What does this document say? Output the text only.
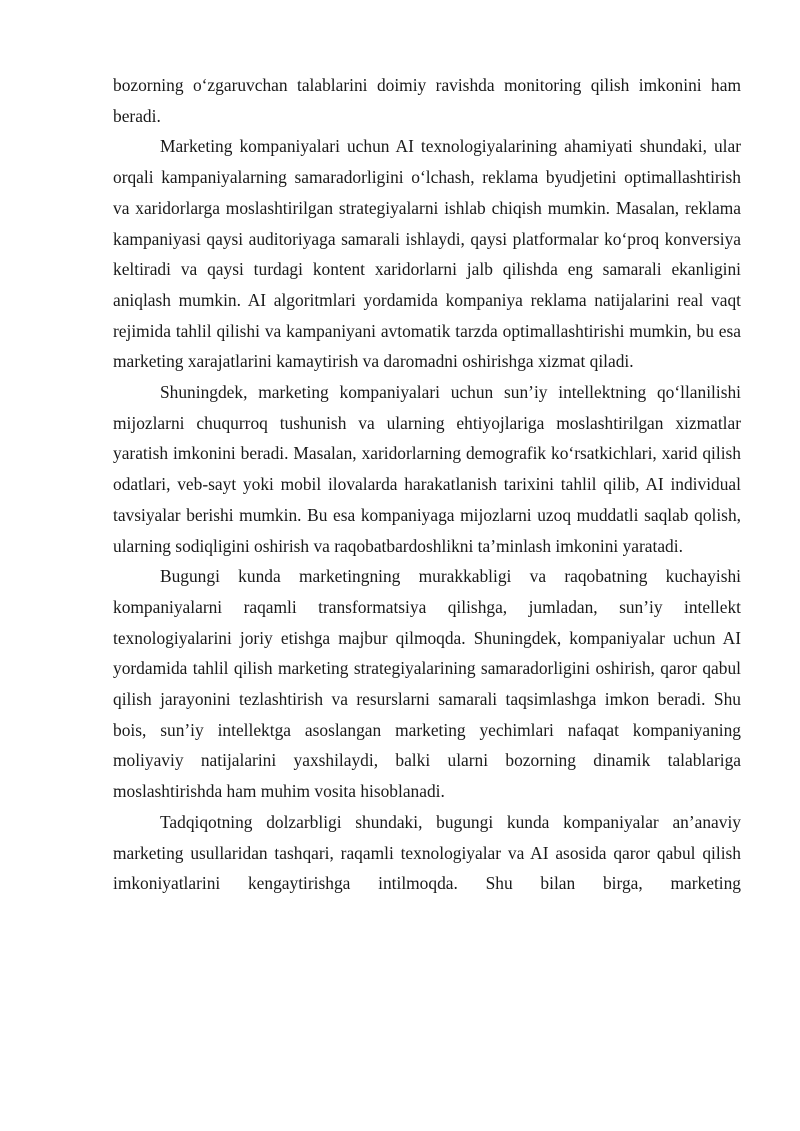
bozorning o‘zgaruvchan talablarini doimiy ravishda monitoring qilish imkonini ham beradi.

Marketing kompaniyalari uchun AI texnologiyalarining ahamiyati shundaki, ular orqali kampaniyalarning samaradorligini o‘lchash, reklama byudjetini optimallashtirish va xaridorlarga moslashtirilgan strategiyalarni ishlab chiqish mumkin. Masalan, reklama kampaniyasi qaysi auditoriyaga samarali ishlaydi, qaysi platformalar ko‘proq konversiya keltiradi va qaysi turdagi kontent xaridorlarni jalb qilishda eng samarali ekanligini aniqlash mumkin. AI algoritmlari yordamida kompaniya reklama natijalarini real vaqt rejimida tahlil qilishi va kampaniyani avtomatik tarzda optimallashtirishi mumkin, bu esa marketing xarajatlarini kamaytirish va daromadni oshirishga xizmat qiladi.

Shuningdek, marketing kompaniyalari uchun sun’iy intellektning qo‘llanilishi mijozlarni chuqurroq tushunish va ularning ehtiyojlariga moslashtirilgan xizmatlar yaratish imkonini beradi. Masalan, xaridorlarning demografik ko‘rsatkichlari, xarid qilish odatlari, veb-sayt yoki mobil ilovalarda harakatlanish tarixini tahlil qilib, AI individual tavsiyalar berishi mumkin. Bu esa kompaniyaga mijozlarni uzoq muddatli saqlab qolish, ularning sodiqligini oshirish va raqobatbardoshlikni ta’minlash imkonini yaratadi.

Bugungi kunda marketingning murakkabligi va raqobatning kuchayishi kompaniyalarni raqamli transformatsiya qilishga, jumladan, sun’iy intellekt texnologiyalarini joriy etishga majbur qilmoqda. Shuningdek, kompaniyalar uchun AI yordamida tahlil qilish marketing strategiyalarining samaradorligini oshirish, qaror qabul qilish jarayonini tezlashtirish va resurslarni samarali taqsimlashga imkon beradi. Shu bois, sun’iy intellektga asoslangan marketing yechimlari nafaqat kompaniyaning moliyaviy natijalarini yaxshilaydi, balki ularni bozorning dinamik talablariga moslashtirishda ham muhim vosita hisoblanadi.

Tadqiqotning dolzarbligi shundaki, bugungi kunda kompaniyalar an’anaviy marketing usullaridan tashqari, raqamli texnologiyalar va AI asosida qaror qabul qilish imkoniyatlarini kengaytirishga intilmoqda. Shu bilan birga, marketing
